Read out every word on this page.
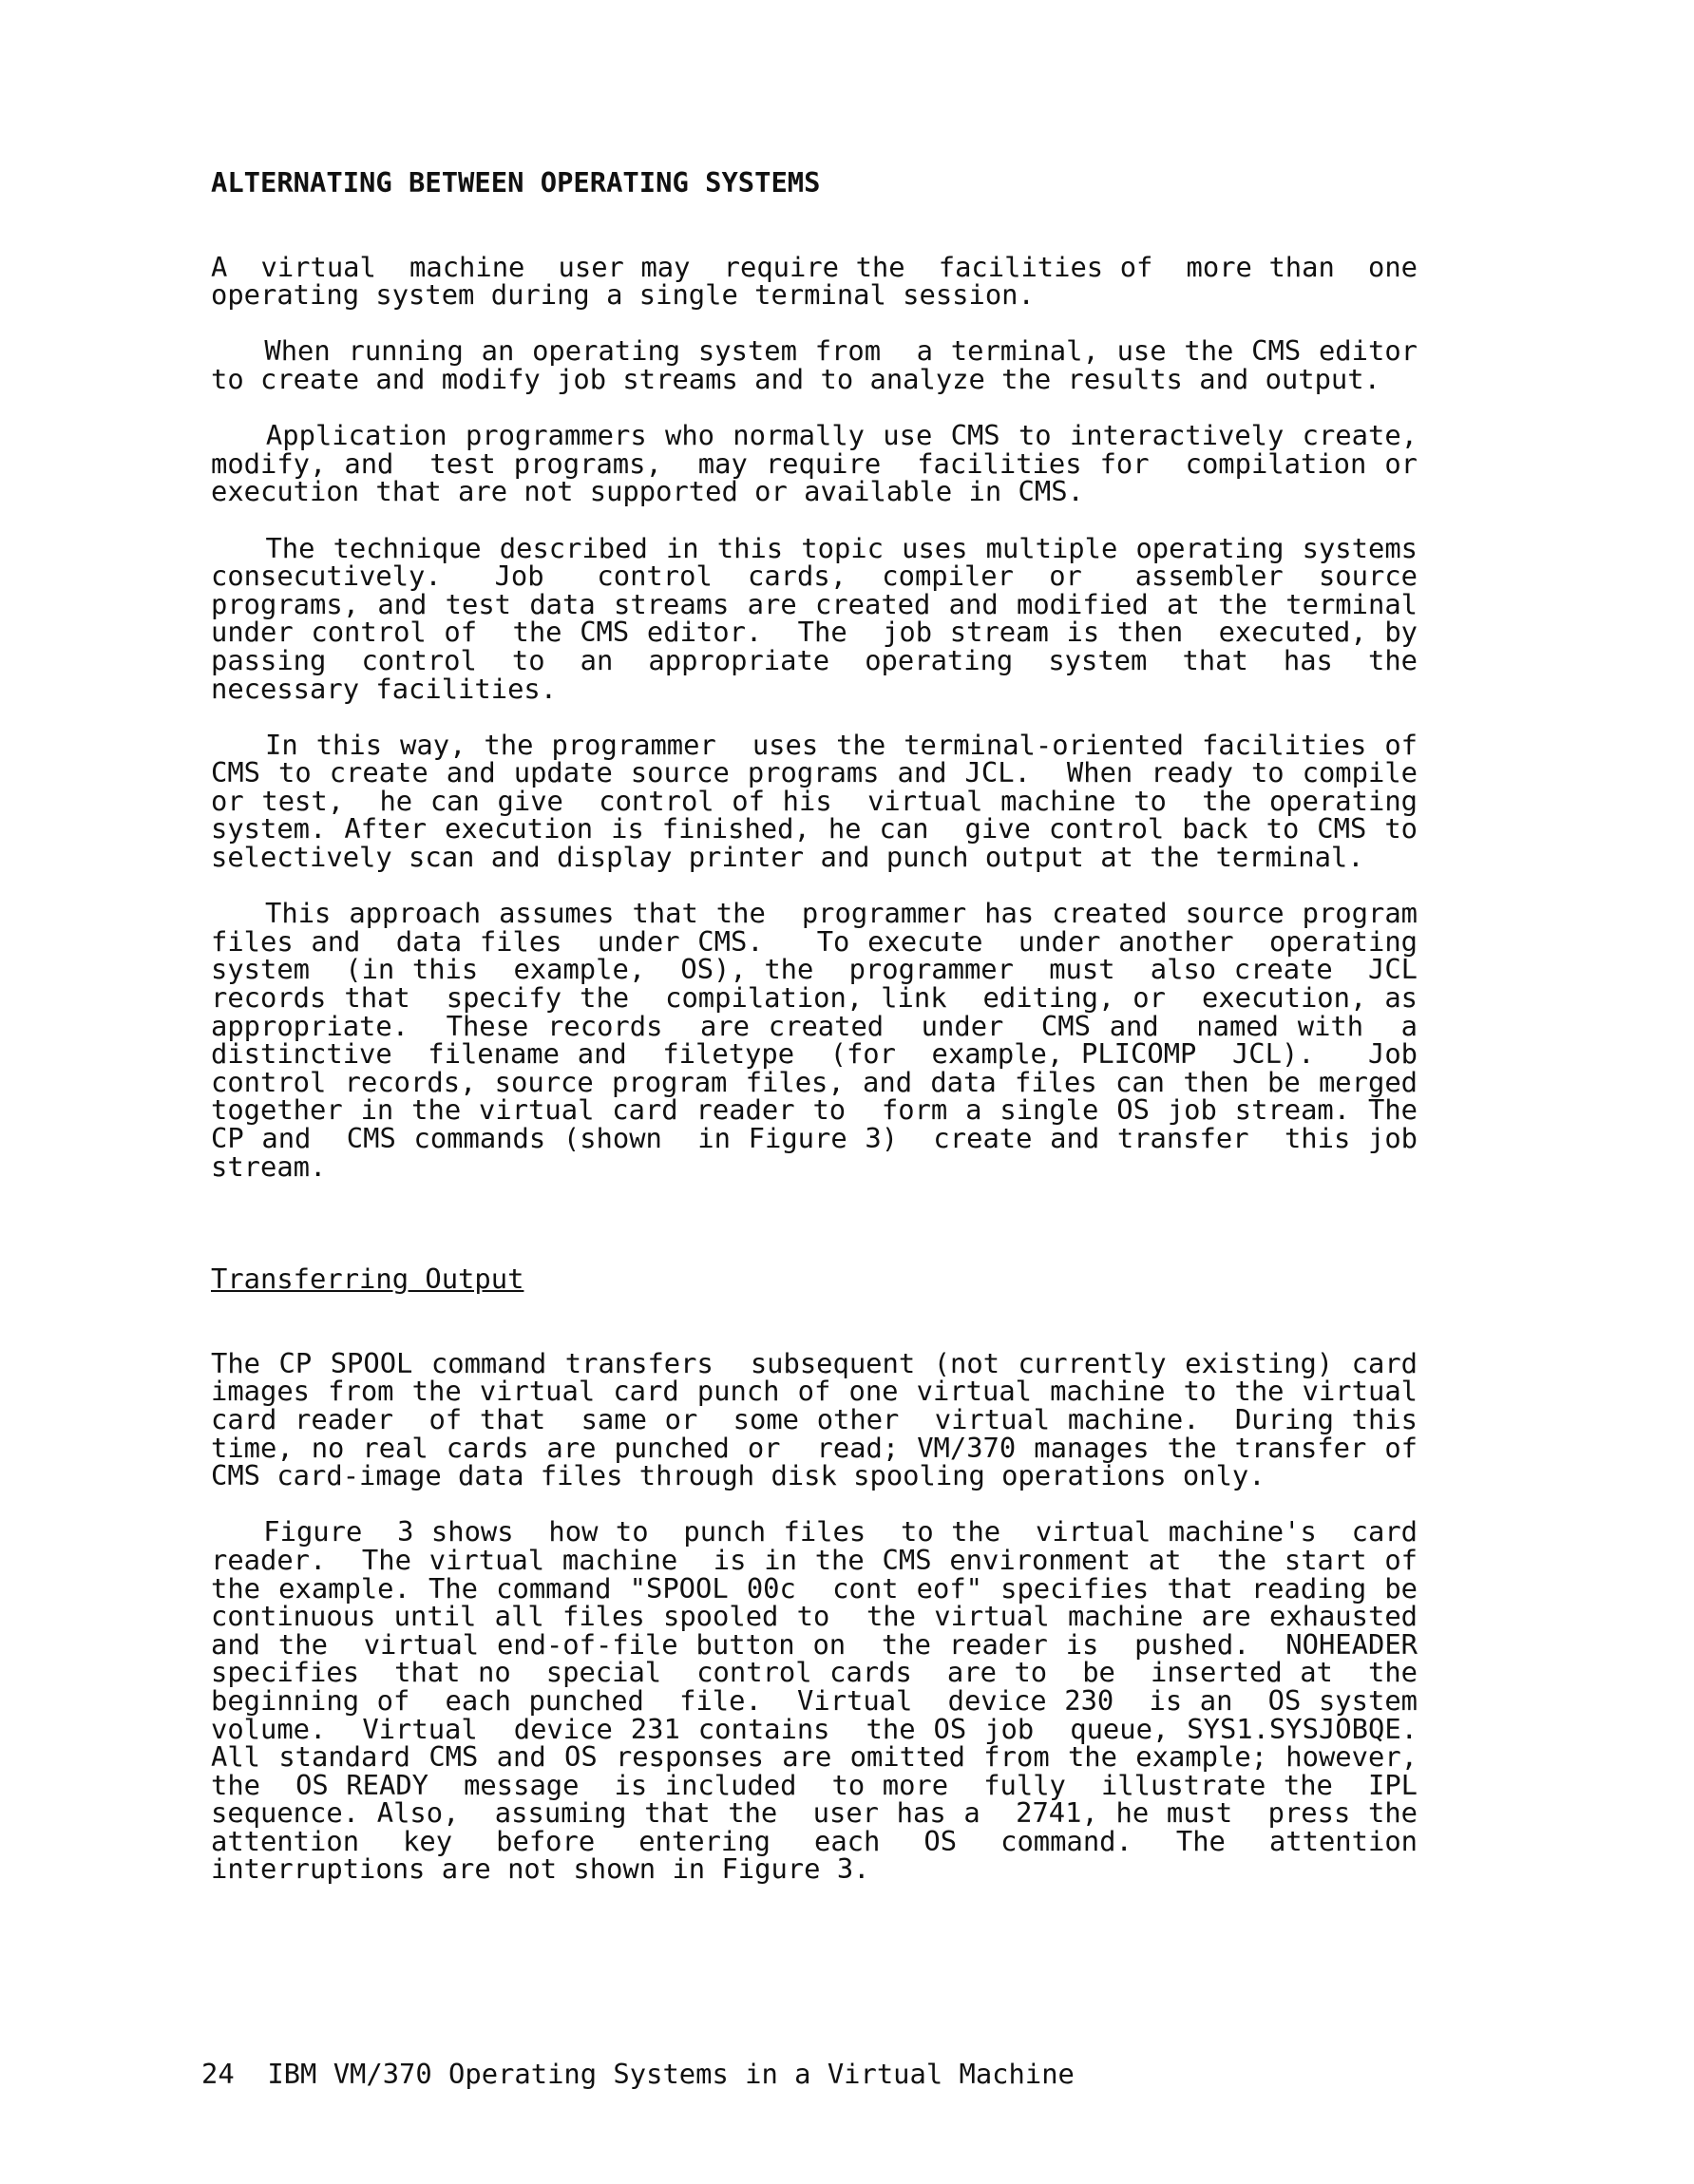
ALTERNATING BETWEEN OPERATING SYSTEMS
A  virtual  machine  user may  require the  facilities of  more than  one
operating system during a single terminal session.
When running an operating system from  a terminal, use the CMS editor
to create and modify job streams and to analyze the results and output.
Application programmers who normally use CMS to interactively create,
modify, and  test programs,  may require  facilities for  compilation or
execution that are not supported or available in CMS.
The technique described in this topic uses multiple operating systems
consecutively.   Job   control  cards,  compiler  or   assembler  source
programs, and test data streams are created and modified at the terminal
under control of  the CMS editor.  The  job stream is then  executed, by
passing  control  to  an  appropriate  operating  system  that  has  the
necessary facilities.
In this way, the programmer  uses the terminal-oriented facilities of
CMS to create and update source programs and JCL.  When ready to compile
or test,  he can give  control of his  virtual machine to  the operating
system. After execution is finished, he can  give control back to CMS to
selectively scan and display printer and punch output at the terminal.
This approach assumes that the  programmer has created source program
files and  data files  under CMS.   To execute  under another  operating
system  (in this  example,  OS), the  programmer  must  also create  JCL
records that  specify the  compilation, link  editing, or  execution, as
appropriate.  These records  are created  under  CMS and  named with  a
distinctive  filename and  filetype  (for  example, PLICOMP  JCL).   Job
control records, source program files, and data files can then be merged
together in the virtual card reader to  form a single OS job stream. The
CP and  CMS commands (shown  in Figure 3)  create and transfer  this job
stream.
Transferring Output
The CP SPOOL command transfers  subsequent (not currently existing) card
images from the virtual card punch of one virtual machine to the virtual
card reader  of that  same or  some other  virtual machine.  During this
time, no real cards are punched or  read; VM/370 manages the transfer of
CMS card-image data files through disk spooling operations only.
Figure  3 shows  how to  punch files  to the  virtual machine's  card
reader.  The virtual machine  is in the CMS environment at  the start of
the example. The command "SPOOL 00c  cont eof" specifies that reading be
continuous until all files spooled to  the virtual machine are exhausted
and the  virtual end-of-file button on  the reader is  pushed.  NOHEADER
specifies  that no  special  control cards  are to  be  inserted at  the
beginning of  each punched  file.  Virtual  device 230  is an  OS system
volume.  Virtual  device 231 contains  the OS job  queue, SYS1.SYSJOBQE.
All standard CMS and OS responses are omitted from the example; however,
the  OS READY  message  is included  to more  fully  illustrate the  IPL
sequence. Also,  assuming that the  user has a  2741, he must  press the
attention  key  before  entering  each  OS  command.  The  attention
interruptions are not shown in Figure 3.
24  IBM VM/370 Operating Systems in a Virtual Machine
